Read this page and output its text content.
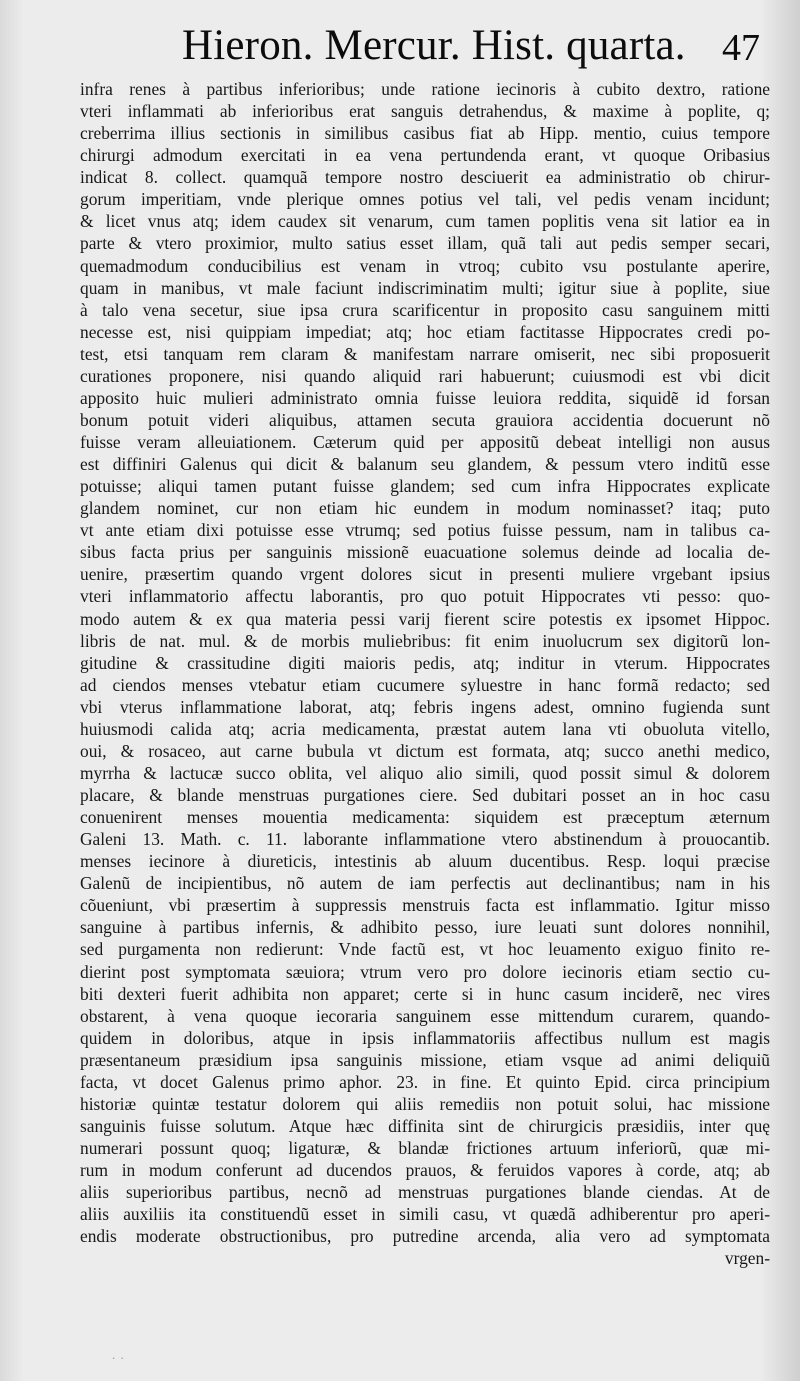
Hieron. Mercur. Hist. quarta. 47
infra renes à partibus inferioribus; unde ratione iecinoris à cubito dextro, ratione
vteri inflammati ab inferioribus erat sanguis detrahendus, & maxime à poplite, q;
creberrima illius sectionis in similibus casibus fiat ab Hipp. mentio, cuius tempore
chirurgi admodum exercitati in ea vena pertundenda erant, vt quoque Oribasius
indicat 8. collect. quamquã tempore nostro desciuerit ea administratio ob chirur-
gorum imperitiam, vnde plerique omnes potius vel tali, vel pedis venam incidunt;
& licet vnus atq; idem caudex sit venarum, cum tamen poplitis vena sit latior ea in
parte & vtero proximior, multo satius esset illam, quã tali aut pedis semper secari,
quemadmodum conducibilius est venam in vtroq; cubito vsu postulante aperire,
quam in manibus, vt male faciunt indiscriminatim multi; igitur siue à poplite, siue
à talo vena secetur, siue ipsa crura scarificentur in proposito casu sanguinem mitti
necesse est, nisi quippiam impediat; atq; hoc etiam factitasse Hippocrates credi po-
test, etsi tanquam rem claram & manifestam narrare omiserit, nec sibi proposuerit
curationes proponere, nisi quando aliquid rari habuerunt; cuiusmodi est vbi dicit
apposito huic mulieri administrato omnia fuisse leuiora reddita, siquidẽ id forsan
bonum potuit videri aliquibus, attamen secuta grauiora accidentia docuerunt nõ
fuisse veram alleuiationem. Cæterum quid per appositũ debeat intelligi non ausus
est diffiniri Galenus qui dicit & balanum seu glandem, & pessum vtero inditũ esse
potuisse; aliqui tamen putant fuisse glandem; sed cum infra Hippocrates explicate
glandem nominet, cur non etiam hic eundem in modum nominasset? itaq; puto
vt ante etiam dixi potuisse esse vtrumq; sed potius fuisse pessum, nam in talibus ca-
sibus facta prius per sanguinis missionẽ euacuatione solemus deinde ad localia de-
uenire, præsertim quando vrgent dolores sicut in presenti muliere vrgebant ipsius
vteri inflammatorio affectu laborantis, pro quo potuit Hippocrates vti pesso: quo-
modo autem & ex qua materia pessi varij fierent scire potestis ex ipsomet Hippoc.
libris de nat. mul. & de morbis muliebribus: fit enim inuolucrum sex digitorũ lon-
gitudine & crassitudine digiti maioris pedis, atq; inditur in vterum. Hippocrates
ad ciendos menses vtebatur etiam cucumere syluestre in hanc formã redacto; sed
vbi vterus inflammatione laborat, atq; febris ingens adest, omnino fugienda sunt
huiusmodi calida atq; acria medicamenta, præstat autem lana vti obuoluta vitello,
oui, & rosaceo, aut carne bubula vt dictum est formata, atq; succo anethi medico,
myrrha & lactucæ succo oblita, vel aliquo alio simili, quod possit simul & dolorem
placare, & blande menstruas purgationes ciere. Sed dubitari posset an in hoc casu
conuenirent menses mouentia medicamenta: siquidem est præceptum æternum
Galeni 13. Math. c. 11. laborante inflammatione vtero abstinendum à prouocantib.
menses iecinore à diureticis, intestinis ab aluum ducentibus. Resp. loqui præcise
Galenũ de incipientibus, nõ autem de iam perfectis aut declinantibus; nam in his
cõueniunt, vbi præsertim à suppressis menstruis facta est inflammatio. Igitur misso
sanguine à partibus infernis, & adhibito pesso, iure leuati sunt dolores nonnihil,
sed purgamenta non redierunt: Vnde factũ est, vt hoc leuamento exiguo finito re-
dierint post symptomata sæuiora; vtrum vero pro dolore iecinoris etiam sectio cu-
biti dexteri fuerit adhibita non apparet; certe si in hunc casum inciderẽ, nec vires
obstarent, à vena quoque iecoraria sanguinem esse mittendum curarem, quando-
quidem in doloribus, atque in ipsis inflammatoriis affectibus nullum est magis
præsentaneum præsidium ipsa sanguinis missione, etiam vsque ad animi deliquiũ
facta, vt docet Galenus primo aphor. 23. in fine. Et quinto Epid. circa principium
historiæ quintæ testatur dolorem qui aliis remediis non potuit solui, hac missione
sanguinis fuisse solutum. Atque hæc diffinita sint de chirurgicis præsidiis, inter quę
numerari possunt quoq; ligaturæ, & blandæ frictiones artuum inferiorũ, quæ mi-
rum in modum conferunt ad ducendos prauos, & feruidos vapores à corde, atq; ab
aliis superioribus partibus, necnõ ad menstruas purgationes blande ciendas. At de
aliis auxiliis ita constituendũ esset in simili casu, vt quædã adhiberentur pro aperi-
endis moderate obstructionibus, pro putredine arcenda, alia vero ad symptomata
vrgen-
. .
